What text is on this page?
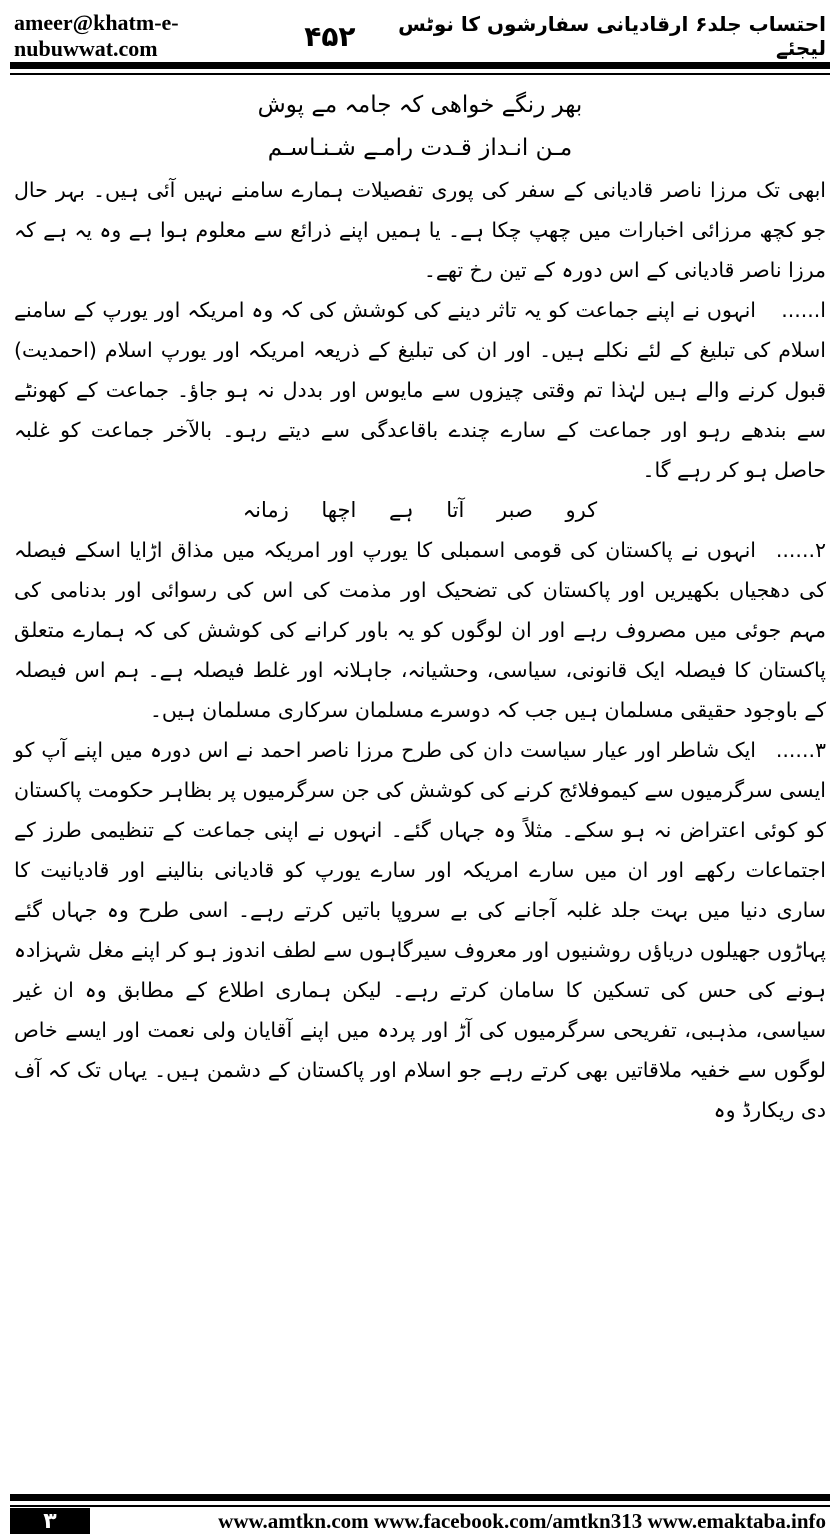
ameer@khatm-e-nubuwwat.com
احتساب جلد۶ ارقادیانی سفارشوں کا نوٹس لیجئے
۴۵۲

بھر رنگے خواھی کہ جامہ مے پوش

مـن انـداز قـدت رامـے شـنـاسـم

ابھی تک مرزا ناصر قادیانی کے سفر کی پوری تفصیلات ہمارے سامنے نہیں آئی ہیں۔ بہر حال جو کچھ مرزائی اخبارات میں چھپ چکا ہے۔ یا ہمیں اپنے ذرائع سے معلوم ہوا ہے وہ یہ ہے کہ مرزا ناصر قادیانی کے اس دورہ کے تین رخ تھے۔

ا......انہوں نے اپنے جماعت کو یہ تاثر دینے کی کوشش کی کہ وہ امریکہ اور یورپ کے سامنے اسلام کی تبلیغ کے لئے نکلے ہیں۔ اور ان کی تبلیغ کے ذریعہ امریکہ اور یورپ اسلام (احمدیت) قبول کرنے والے ہیں لہٰذا تم وقتی چیزوں سے مایوس اور بددل نہ ہو جاؤ۔ جماعت کے کھونٹے سے بندھے رہو اور جماعت کے سارے چندے باقاعدگی سے دیتے رہو۔ بالآخر جماعت کو غلبہ حاصل ہو کر رہے گا۔

کرو صبر آتا ہے اچھا زمانہ

۲......انہوں نے پاکستان کی قومی اسمبلی کا یورپ اور امریکہ میں مذاق اڑایا اسکے فیصلہ کی دھجیاں بکھیریں اور پاکستان کی تضحیک اور مذمت کی اس کی رسوائی اور بدنامی کی مہم جوئی میں مصروف رہے اور ان لوگوں کو یہ باور کرانے کی کوشش کی کہ ہمارے متعلق پاکستان کا فیصلہ ایک قانونی، سیاسی، وحشیانہ، جاہلانہ اور غلط فیصلہ ہے۔ ہم اس فیصلہ کے باوجود حقیقی مسلمان ہیں جب کہ دوسرے مسلمان سرکاری مسلمان ہیں۔

۳......ایک شاطر اور عیار سیاست دان کی طرح مرزا ناصر احمد نے اس دورہ میں اپنے آپ کو ایسی سرگرمیوں سے کیموفلائج کرنے کی کوشش کی جن سرگرمیوں پر بظاہر حکومت پاکستان کو کوئی اعتراض نہ ہو سکے۔ مثلاً وہ جہاں گئے۔ انہوں نے اپنی جماعت کے تنظیمی طرز کے اجتماعات رکھے اور ان میں سارے امریکہ اور سارے یورپ کو قادیانی بنالینے اور قادیانیت کا ساری دنیا میں بہت جلد غلبہ آجانے کی بے سروپا باتیں کرتے رہے۔ اسی طرح وہ جہاں گئے پہاڑوں جھیلوں دریاؤں روشنیوں اور معروف سیرگاہوں سے لطف اندوز ہو کر اپنے مغل شہزادہ ہونے کی حس کی تسکین کا سامان کرتے رہے۔ لیکن ہماری اطلاع کے مطابق وہ ان غیر سیاسی، مذہبی، تفریحی سرگرمیوں کی آڑ اور پردہ میں اپنے آقایان ولی نعمت اور ایسے خاص لوگوں سے خفیہ ملاقاتیں بھی کرتے رہے جو اسلام اور پاکستان کے دشمن ہیں۔ یہاں تک کہ آف دی ریکارڈ وہ

۳	www.amtkn.com www.facebook.com/amtkn313 www.emaktaba.info
